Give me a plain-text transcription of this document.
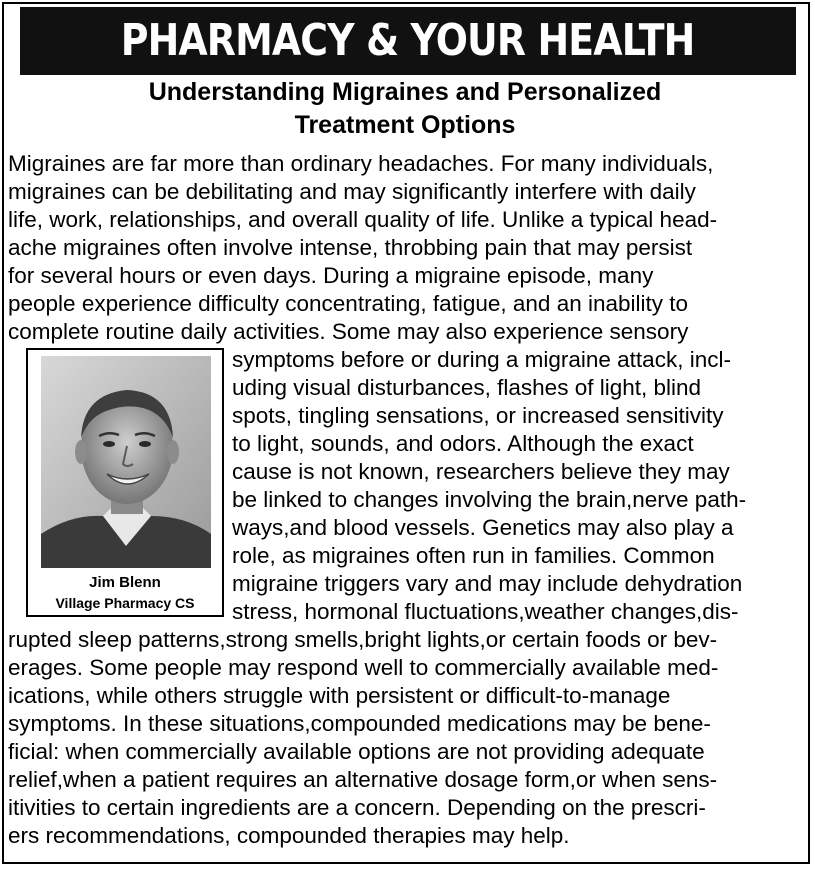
PHARMACY & YOUR HEALTH
Understanding Migraines and Personalized
Treatment Options
Migraines are far more than ordinary headaches. For many individuals,
migraines can be debilitating and may significantly interfere with daily
life, work, relationships, and overall quality of life. Unlike a typical head-
ache migraines often involve intense, throbbing pain that may persist
for several hours or even days. During a migraine episode, many
people experience difficulty concentrating, fatigue, and an inability to
complete routine daily activities. Some may also experience sensory
symptoms before or during a migraine attack, incl-
uding visual disturbances, flashes of light, blind
spots, tingling sensations, or increased sensitivity
to light, sounds, and odors. Although the exact
cause is not known, researchers believe they may
be linked to changes involving the brain,nerve path-
ways,and blood vessels. Genetics may also play a
role, as migraines often run in families. Common
migraine triggers vary and may include dehydration
stress, hormonal fluctuations,weather changes,dis-
rupted sleep patterns,strong smells,bright lights,or certain foods or bev-
erages. Some people may respond well to commercially available med-
ications, while others struggle with persistent or difficult-to-manage
symptoms. In these situations,compounded medications may be bene-
ficial: when commercially available options are not providing adequate
relief,when a patient requires an alternative dosage form,or when sens-
itivities to certain ingredients are a concern. Depending on the prescri-
ers recommendations, compounded therapies may help.
Jim Blenn
Village Pharmacy CS
